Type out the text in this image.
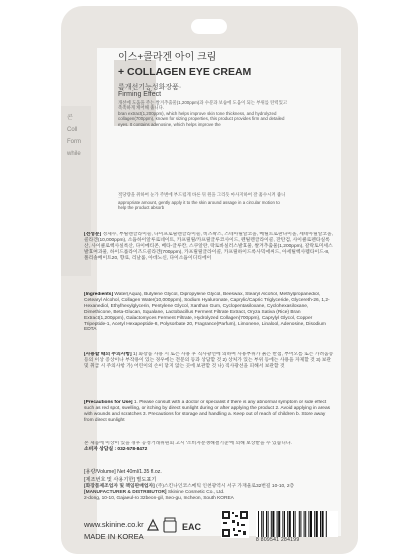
콘
Coll
Form
while
이스+콜라겐 아이 크림
+ COLLAGEN EYE CREAM
름개선기능성화장품·
Firming Effect
개선에 도움을 주는 쌀겨추출물(1,200ppm)과 수분과 보습에 도움이 되는 부위를 탄력있고 촉촉하게 케어해 줍니다.
bran extract(1,200ppm), which helps improve skin tone thickness, and hydrolyzed collagen(700ppm), known for sizing properties, this product provides firm and detailed eyes. It contains adenosine, which helps improve the
적당량을 취하여 눈가 주변에 부드럽게 바른 뒤 원을 그리듯 마사지하여 잘 흡수시켜 줍니
appropriate amount, gently apply it to the skin around assage in a circular motion to help the product absorb
[전성분] 정제수, 부틸렌글라이콜, 다이프로필렌글라이콜, 비즈왁스, 스테아릴알코올, 메틸트로판다이올, 세테아릴알코올, 콜라겐(10,000ppm), 소듐하이알루로네이트, 카프릴릴/카프릴글루코사이드, 펜틸렌글라이콜, 잔탄검, 사이클로펜타실록산, 사이클로헥사실록산, 다이메티콘, 베타-글루칸, 스쿠알란, 락토바실러스발효물, 쌀겨추출물(1,200ppm), 갈락토미세스발효여과물, 하이드롤라이즈드콜라겐(700ppm), 카프릴릴글라이콜, 카프릴하이드록사믹애씨드, 아세틸헥사펩타이드-8, 폴리솔베이트20, 향료, 리날룰, 아데노신, 다이소듐이디티에이
[Ingredients] Water(Aqua), Butylene Glycol, Dipropylene Glycol, Beeswax, Stearyl Alcohol, Methylpropanediol, Cetearyl Alcohol, Collagen Water(10,000ppm), Sodium Hyaluronate, Caprylic/Capric Triglyceride, Glycereth-26, 1,2-Hexanediol, Ethylhexylglycerin, Pentylene Glycol, Xanthan Gum, Cyclopentasiloxane, Cyclohexasiloxane, Dimethicone, Beta-Glucan, Squalane, Lactobacillus Ferment Filtrate Extract, Oryza Sativa (Rice) Bran Extract(1,200ppm), Galactomyces Ferment Filtrate, Hydrolyzed Collagen(700ppm), Caprylyl Glycol, Copper Tripeptide-1, Acetyl Hexapeptide-8, Polysorbate 20, Fragrance(Parfum), Limonene, Linalool, Adenosine, Disodium EDTA
[사용할 때의 주의사항] 1) 화장품 사용 시 또는 사용 후 직사광선에 의하여 사용부위가 붉은 반점, 부어오름 또는 가려움증 등의 이상 증상이나 부작용이 있는 경우에는 전문의 등과 상담할 것 2) 상처가 있는 부위 등에는 사용을 자제할 것 3) 보관 및 취급 시 주의사항 가) 어린이의 손이 닿지 않는 곳에 보관할 것 나) 직사광선을 피해서 보관할 것
[Precautions for Use] 1. Please consult with a doctor or specialist if there is any abnormal symptom or side effect such as red spot, swelling, or itching by direct sunlight during or after applying the product 2. Avoid applying in areas with wounds and scratches 3. Precautions for storage and handling a. Keep out of reach of children b. Store away from direct sunlight
본 제품에 이상이 있을 경우 공정거래위원회 고시 '소비자분쟁해결기준'에 의해 보상받을 수 있습니다.
소비자 상담실 : 032-578-8472
[용량/Volume] Net 40ml/1.35 fl.oz.
[제조번호 및 사용기한] 별도표기
[화장품제조업자 및 책임판매업자] (주)스킨나인코스메틱 인천광역시 서구 가재울로32번길 10-10, 2층
[MANUFACTURER & DISTRIBUTOR] Skinine Cosmetic Co., Ltd.
2-dong, 10-10, Gajaeul-ro 32beon-gil, Seo-gu, Incheon, South KOREA
www.skinine.co.kr
MADE IN KOREA
EAC
8 809541 284199
